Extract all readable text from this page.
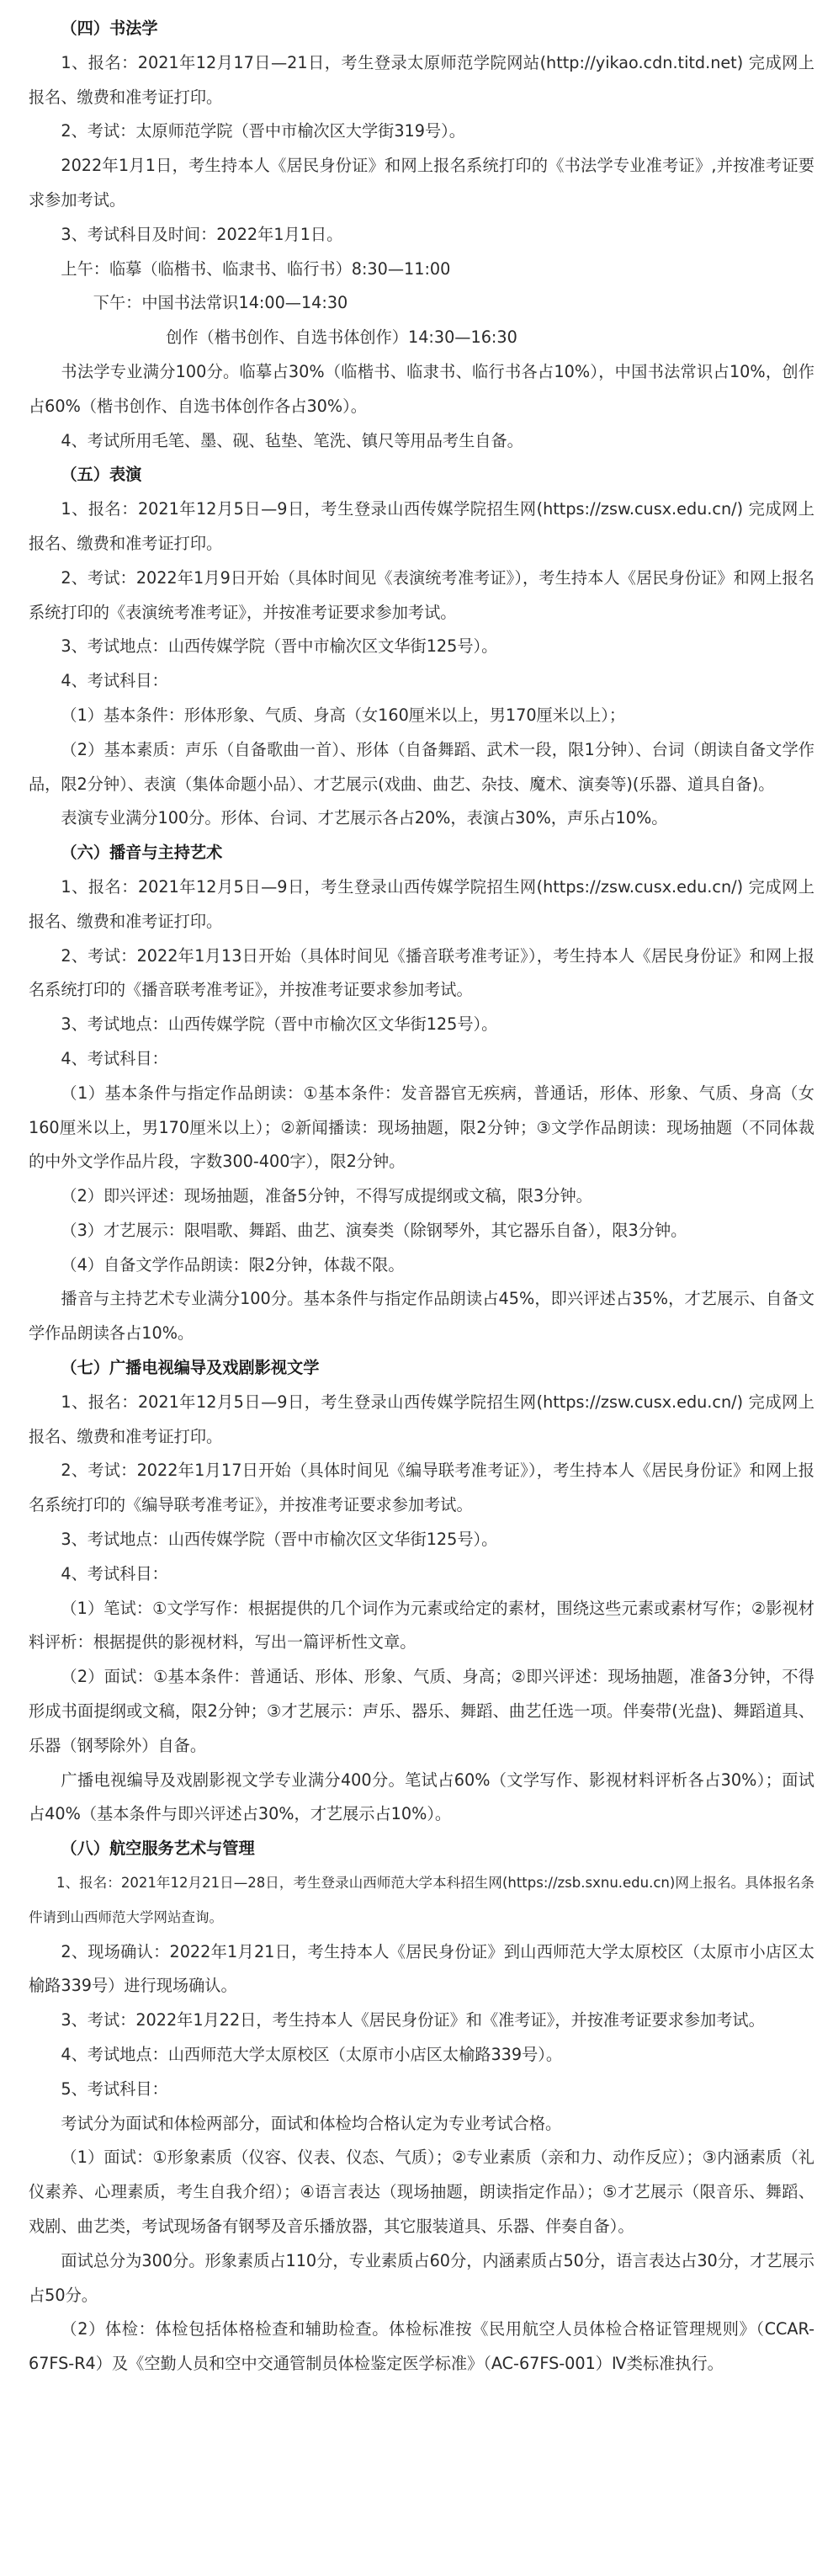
（四）书法学

1、报名：2021年12月17日—21日，考生登录太原师范学院网站(http://yikao.cdn.titd.net) 完成网上报名、缴费和准考证打印。

2、考试：太原师范学院（晋中市榆次区大学街319号）。

2022年1月1日，考生持本人《居民身份证》和网上报名系统打印的《书法学专业准考证》,并按准考证要求参加考试。

3、考试科目及时间：2022年1月1日。

上午：临摹（临楷书、临隶书、临行书）8:30—11:00

下午：中国书法常识14:00—14:30

创作（楷书创作、自选书体创作）14:30—16:30

书法学专业满分100分。临摹占30%（临楷书、临隶书、临行书各占10%），中国书法常识占10%，创作占60%（楷书创作、自选书体创作各占30%）。

4、考试所用毛笔、墨、砚、毡垫、笔洗、镇尺等用品考生自备。

（五）表演

1、报名：2021年12月5日—9日，考生登录山西传媒学院招生网(https://zsw.cusx.edu.cn/) 完成网上报名、缴费和准考证打印。

2、考试：2022年1月9日开始（具体时间见《表演统考准考证》），考生持本人《居民身份证》和网上报名系统打印的《表演统考准考证》，并按准考证要求参加考试。

3、考试地点：山西传媒学院（晋中市榆次区文华街125号）。

4、考试科目：

（1）基本条件：形体形象、气质、身高（女160厘米以上，男170厘米以上）；

（2）基本素质：声乐（自备歌曲一首）、形体（自备舞蹈、武术一段，限1分钟）、台词（朗读自备文学作品，限2分钟）、表演（集体命题小品）、才艺展示(戏曲、曲艺、杂技、魔术、演奏等)(乐器、道具自备)。

表演专业满分100分。形体、台词、才艺展示各占20%，表演占30%，声乐占10%。

（六）播音与主持艺术

1、报名：2021年12月5日—9日，考生登录山西传媒学院招生网(https://zsw.cusx.edu.cn/) 完成网上报名、缴费和准考证打印。

2、考试：2022年1月13日开始（具体时间见《播音联考准考证》），考生持本人《居民身份证》和网上报名系统打印的《播音联考准考证》，并按准考证要求参加考试。

3、考试地点：山西传媒学院（晋中市榆次区文华街125号）。

4、考试科目：

（1）基本条件与指定作品朗读：①基本条件：发音器官无疾病，普通话，形体、形象、气质、身高（女160厘米以上，男170厘米以上）；②新闻播读：现场抽题，限2分钟；③文学作品朗读：现场抽题（不同体裁的中外文学作品片段，字数300-400字），限2分钟。

（2）即兴评述：现场抽题，准备5分钟，不得写成提纲或文稿，限3分钟。

（3）才艺展示：限唱歌、舞蹈、曲艺、演奏类（除钢琴外，其它器乐自备），限3分钟。

（4）自备文学作品朗读：限2分钟，体裁不限。

播音与主持艺术专业满分100分。基本条件与指定作品朗读占45%，即兴评述占35%，才艺展示、自备文学作品朗读各占10%。

（七）广播电视编导及戏剧影视文学

1、报名：2021年12月5日—9日，考生登录山西传媒学院招生网(https://zsw.cusx.edu.cn/) 完成网上报名、缴费和准考证打印。

2、考试：2022年1月17日开始（具体时间见《编导联考准考证》），考生持本人《居民身份证》和网上报名系统打印的《编导联考准考证》，并按准考证要求参加考试。

3、考试地点：山西传媒学院（晋中市榆次区文华街125号）。

4、考试科目：

（1）笔试：①文学写作：根据提供的几个词作为元素或给定的素材，围绕这些元素或素材写作；②影视材料评析：根据提供的影视材料，写出一篇评析性文章。

（2）面试：①基本条件：普通话、形体、形象、气质、身高；②即兴评述：现场抽题，准备3分钟，不得形成书面提纲或文稿，限2分钟；③才艺展示：声乐、器乐、舞蹈、曲艺任选一项。伴奏带(光盘)、舞蹈道具、乐器（钢琴除外）自备。

广播电视编导及戏剧影视文学专业满分400分。笔试占60%（文学写作、影视材料评析各占30%）；面试占40%（基本条件与即兴评述占30%，才艺展示占10%）。

（八）航空服务艺术与管理

1、报名：2021年12月21日—28日，考生登录山西师范大学本科招生网(https://zsb.sxnu.edu.cn)网上报名。具体报名条件请到山西师范大学网站查询。

2、现场确认：2022年1月21日，考生持本人《居民身份证》到山西师范大学太原校区（太原市小店区太榆路339号）进行现场确认。

3、考试：2022年1月22日，考生持本人《居民身份证》和《准考证》，并按准考证要求参加考试。

4、考试地点：山西师范大学太原校区（太原市小店区太榆路339号）。

5、考试科目：

考试分为面试和体检两部分，面试和体检均合格认定为专业考试合格。

（1）面试：①形象素质（仪容、仪表、仪态、气质）；②专业素质（亲和力、动作反应）；③内涵素质（礼仪素养、心理素质，考生自我介绍）；④语言表达（现场抽题，朗读指定作品）；⑤才艺展示（限音乐、舞蹈、戏剧、曲艺类，考试现场备有钢琴及音乐播放器，其它服装道具、乐器、伴奏自备）。

面试总分为300分。形象素质占110分，专业素质占60分，内涵素质占50分，语言表达占30分，才艺展示占50分。

（2）体检：体检包括体格检查和辅助检查。体检标准按《民用航空人员体检合格证管理规则》（CCAR-67FS-R4）及《空勤人员和空中交通管制员体检鉴定医学标准》（AC-67FS-001）Ⅳ类标准执行。
